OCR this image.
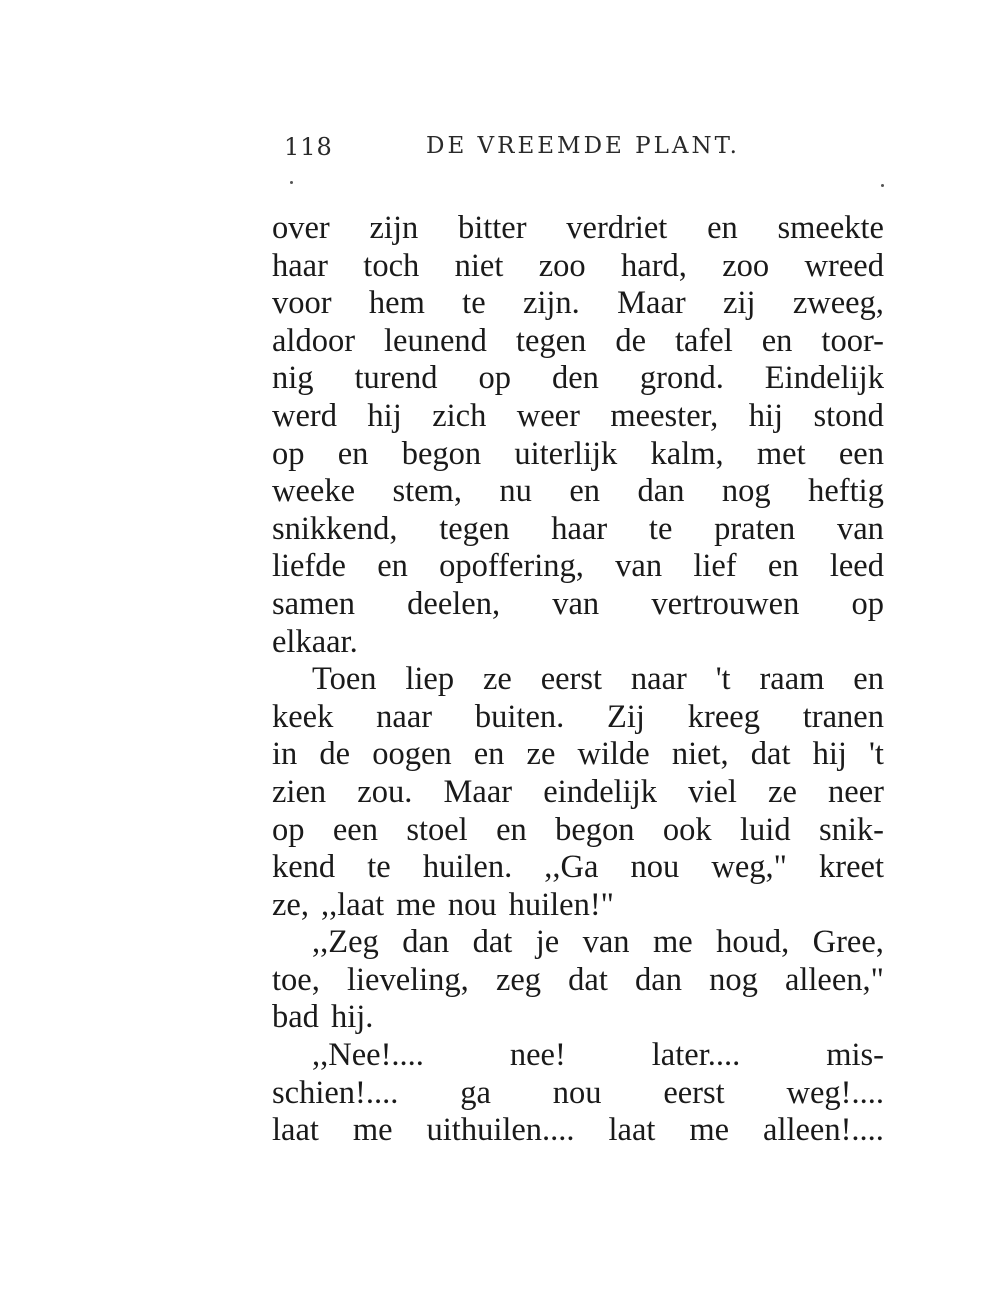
118	DE VREEMDE PLANT.
over zijn bitter verdriet en smeekte
haar toch niet zoo hard, zoo wreed
voor hem te zijn. Maar zij zweeg,
aldoor leunend tegen de tafel en toor-
nig turend op den grond. Eindelijk
werd hij zich weer meester, hij stond
op en begon uiterlijk kalm, met een
weeke stem, nu en dan nog heftig
snikkend, tegen haar te praten van
liefde en opoffering, van lief en leed
samen deelen, van vertrouwen op
elkaar.
Toen liep ze eerst naar 't raam en
keek naar buiten. Zij kreeg tranen
in de oogen en ze wilde niet, dat hij 't
zien zou. Maar eindelijk viel ze neer
op een stoel en begon ook luid snik-
kend te huilen. ,,Ga nou weg," kreet
ze, ,,laat me nou huilen!"
,,Zeg dan dat je van me houd, Gree,
toe, lieveling, zeg dat dan nog alleen,"
bad hij.
,,Nee!....	nee!	later....	mis-
schien!.... ga nou eerst weg!....
laat me uithuilen.... laat me alleen!....
